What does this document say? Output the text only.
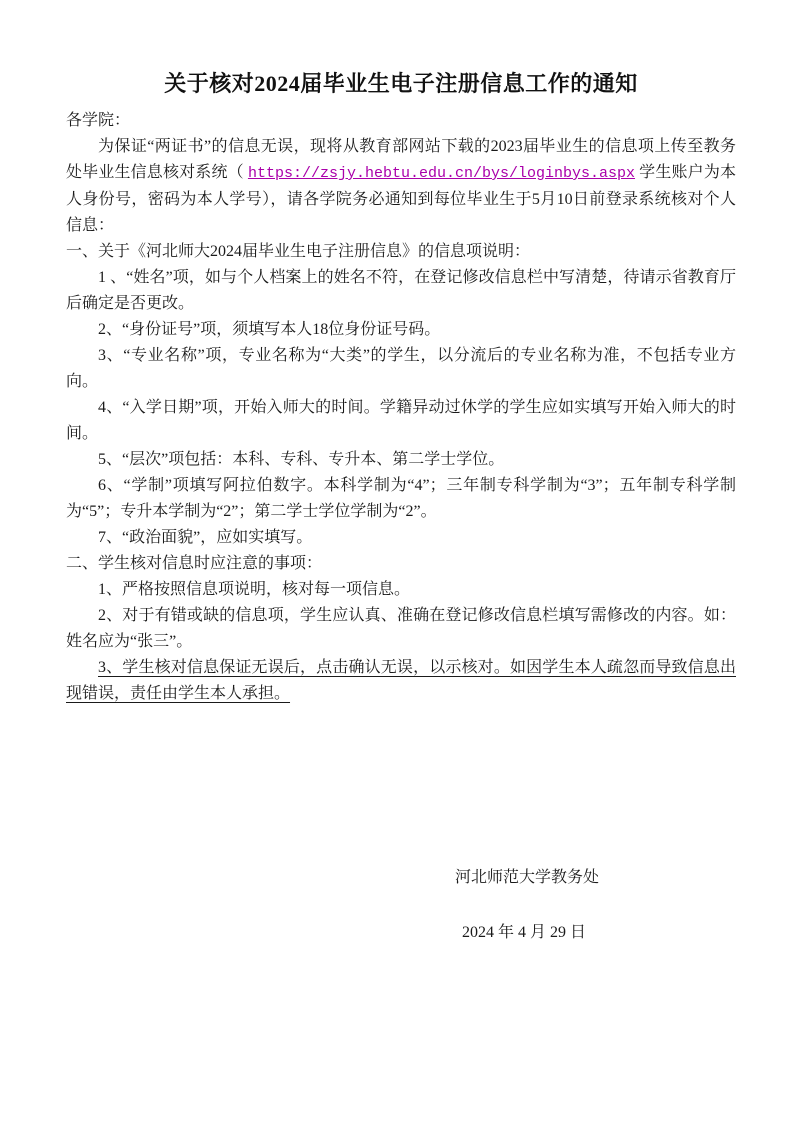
关于核对2024届毕业生电子注册信息工作的通知

各学院：

为保证“两证书”的信息无误，现将从教育部网站下载的2023届毕业生的信息项上传至教务处毕业生信息核对系统（ https://zsjy.hebtu.edu.cn/bys/loginbys.aspx 学生账户为本人身份号，密码为本人学号），请各学院务必通知到每位毕业生于5月10日前登录系统核对个人信息：

一、关于《河北师大2024届毕业生电子注册信息》的信息项说明：

1 、“姓名”项，如与个人档案上的姓名不符，在登记修改信息栏中写清楚，待请示省教育厅后确定是否更改。

2、“身份证号”项，须填写本人18位身份证号码。

3、“专业名称”项，专业名称为“大类”的学生，以分流后的专业名称为准，不包括专业方向。

4、“入学日期”项，开始入师大的时间。学籍异动过休学的学生应如实填写开始入师大的时间。

5、“层次”项包括：本科、专科、专升本、第二学士学位。

6、“学制”项填写阿拉伯数字。本科学制为“4”；三年制专科学制为“3”；五年制专科学制为“5”；专升本学制为“2”；第二学士学位学制为“2”。

7、“政治面貌”，应如实填写。

二、学生核对信息时应注意的事项：

1、严格按照信息项说明，核对每一项信息。

2、对于有错或缺的信息项，学生应认真、准确在登记修改信息栏填写需修改的内容。如：姓名应为“张三”。

3、学生核对信息保证无误后，点击确认无误，以示核对。如因学生本人疏忽而导致信息出现错误，责任由学生本人承担。

河北师范大学教务处
2024 年 4 月 29 日
